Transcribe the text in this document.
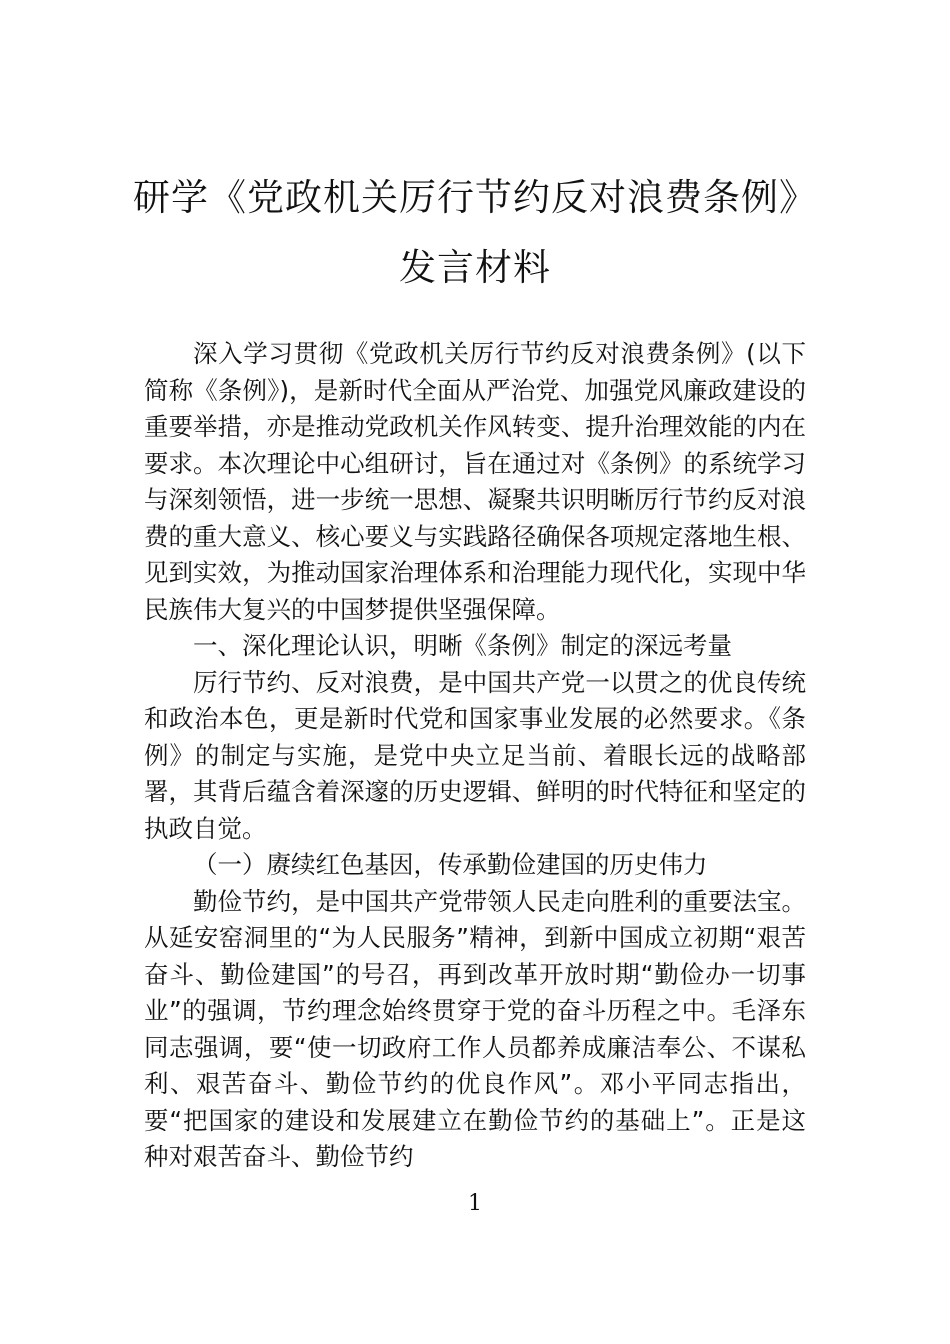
研学《党政机关厉行节约反对浪费条例》
发言材料

深入学习贯彻《党政机关厉行节约反对浪费条例》(以下简称《条例》)，是新时代全面从严治党、加强党风廉政建设的重要举措，亦是推动党政机关作风转变、提升治理效能的内在要求。本次理论中心组研讨，旨在通过对《条例》的系统学习与深刻领悟，进一步统一思想、凝聚共识明晰厉行节约反对浪费的重大意义、核心要义与实践路径确保各项规定落地生根、见到实效，为推动国家治理体系和治理能力现代化，实现中华民族伟大复兴的中国梦提供坚强保障。

一、深化理论认识，明晰《条例》制定的深远考量

厉行节约、反对浪费，是中国共产党一以贯之的优良传统和政治本色，更是新时代党和国家事业发展的必然要求。《条例》的制定与实施，是党中央立足当前、着眼长远的战略部署，其背后蕴含着深邃的历史逻辑、鲜明的时代特征和坚定的执政自觉。

（一）赓续红色基因，传承勤俭建国的历史伟力

勤俭节约，是中国共产党带领人民走向胜利的重要法宝。从延安窑洞里的“为人民服务”精神，到新中国成立初期“艰苦奋斗、勤俭建国”的号召，再到改革开放时期“勤俭办一切事业”的强调，节约理念始终贯穿于党的奋斗历程之中。毛泽东同志强调，要“使一切政府工作人员都养成廉洁奉公、不谋私利、艰苦奋斗、勤俭节约的优良作风”。邓小平同志指出，要“把国家的建设和发展建立在勤俭节约的基础上”。正是这种对艰苦奋斗、勤俭节约

1
